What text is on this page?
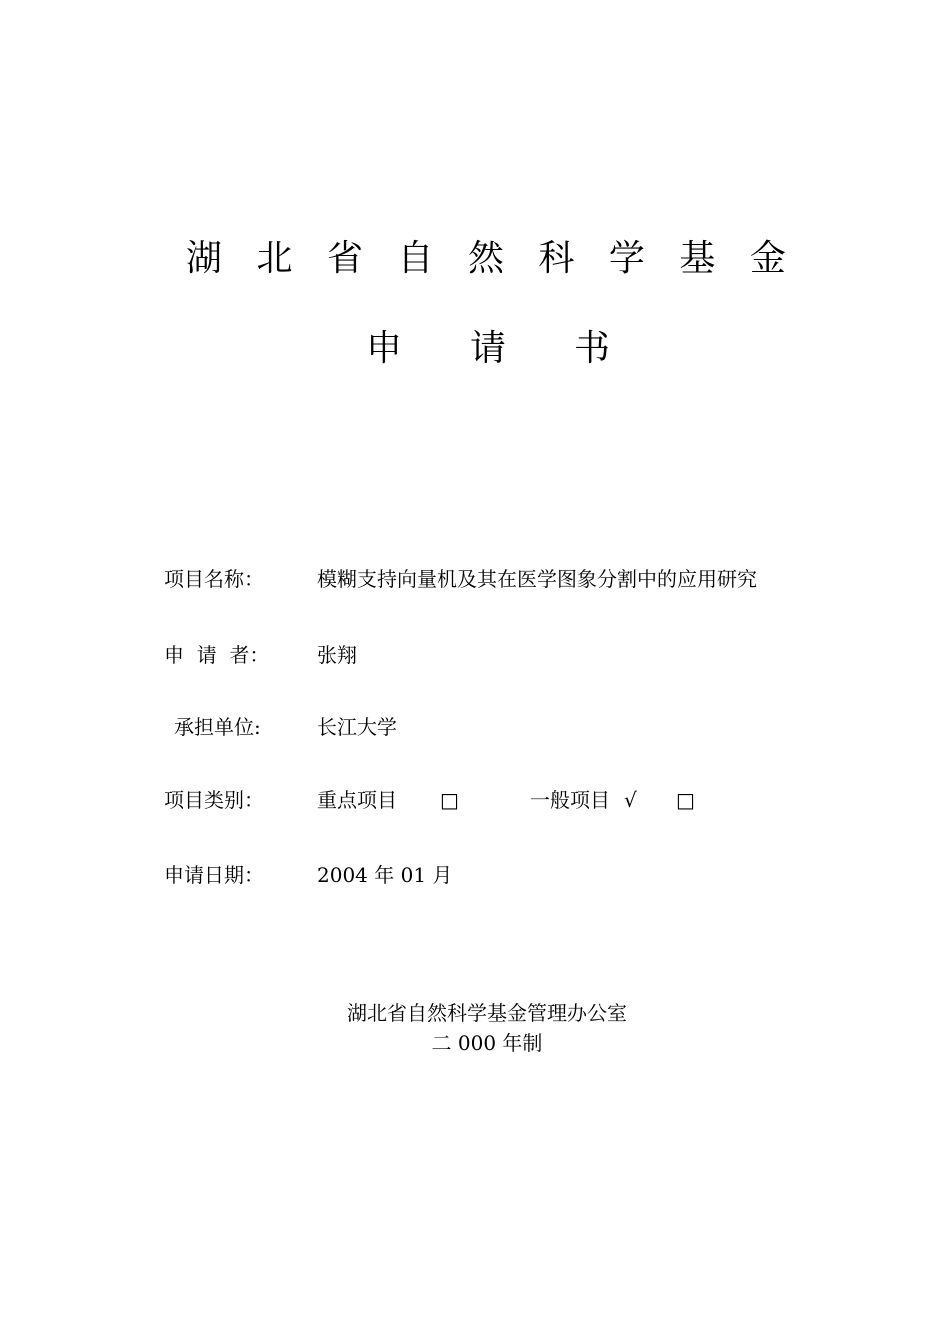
湖 北 省 自 然 科 学 基 金
申 请 书
项目名称：	模糊支持向量机及其在医学图象分割中的应用研究
申  请  者： 张翔
承担单位:	长江大学
项目类别：	重点项目 □	一般项目 √ □
申请日期：	2004 年 01 月
湖北省自然科学基金管理办公室
二 000 年制
